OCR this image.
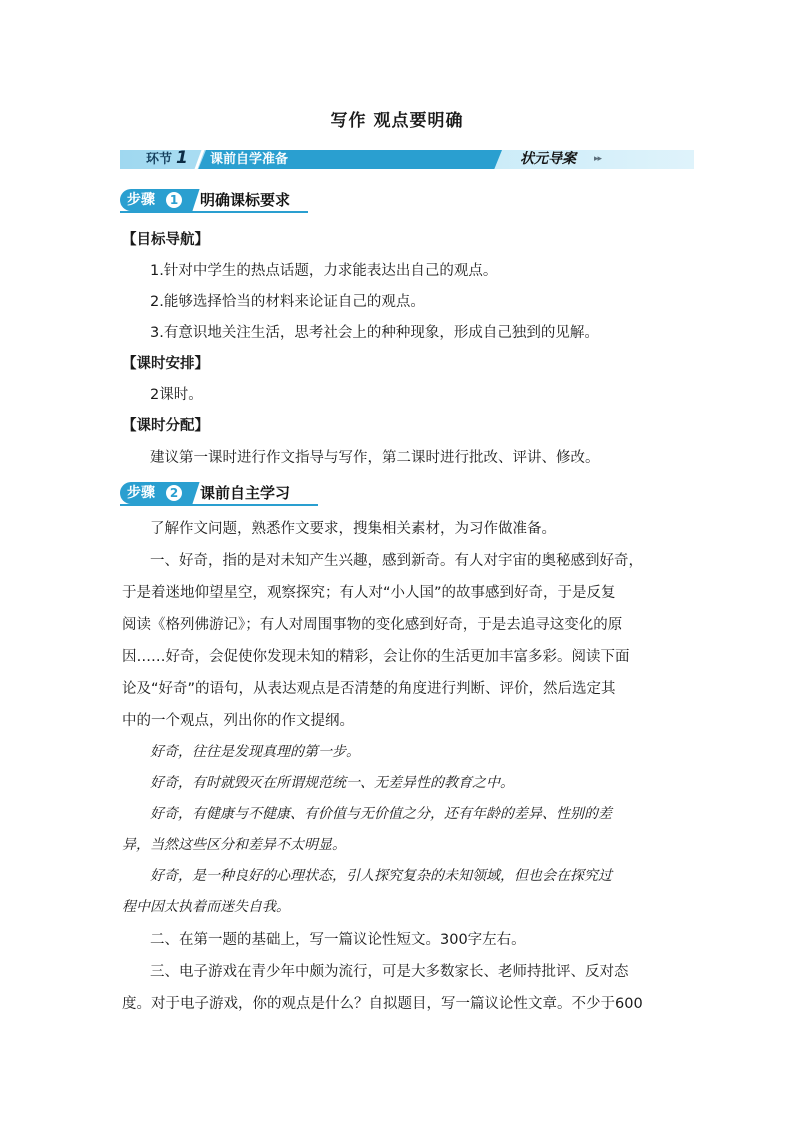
写作 观点要明确
环节 1 课前自学准备	状元导案 ▸▸
步骤	1 明确课标要求
【目标导航】
1.针对中学生的热点话题，力求能表达出自己的观点。
2.能够选择恰当的材料来论证自己的观点。
3.有意识地关注生活，思考社会上的种种现象，形成自己独到的见解。
【课时安排】
2课时。
【课时分配】
建议第一课时进行作文指导与写作，第二课时进行批改、评讲、修改。
步骤	2 课前自主学习
了解作文问题，熟悉作文要求，搜集相关素材，为习作做准备。
一、好奇，指的是对未知产生兴趣，感到新奇。有人对宇宙的奥秘感到好奇，
于是着迷地仰望星空，观察探究；有人对“小人国”的故事感到好奇，于是反复
阅读《格列佛游记》；有人对周围事物的变化感到好奇，于是去追寻这变化的原
因……好奇，会促使你发现未知的精彩，会让你的生活更加丰富多彩。阅读下面
论及“好奇”的语句，从表达观点是否清楚的角度进行判断、评价，然后选定其
中的一个观点，列出你的作文提纲。
好奇，往往是发现真理的第一步。
好奇，有时就毁灭在所谓规范统一、无差异性的教育之中。
好奇，有健康与不健康、有价值与无价值之分，还有年龄的差异、性别的差
异，当然这些区分和差异不太明显。
好奇，是一种良好的心理状态，引人探究复杂的未知领域，但也会在探究过
程中因太执着而迷失自我。
二、在第一题的基础上，写一篇议论性短文。300字左右。
三、电子游戏在青少年中颇为流行，可是大多数家长、老师持批评、反对态
度。对于电子游戏，你的观点是什么？自拟题目，写一篇议论性文章。不少于600
